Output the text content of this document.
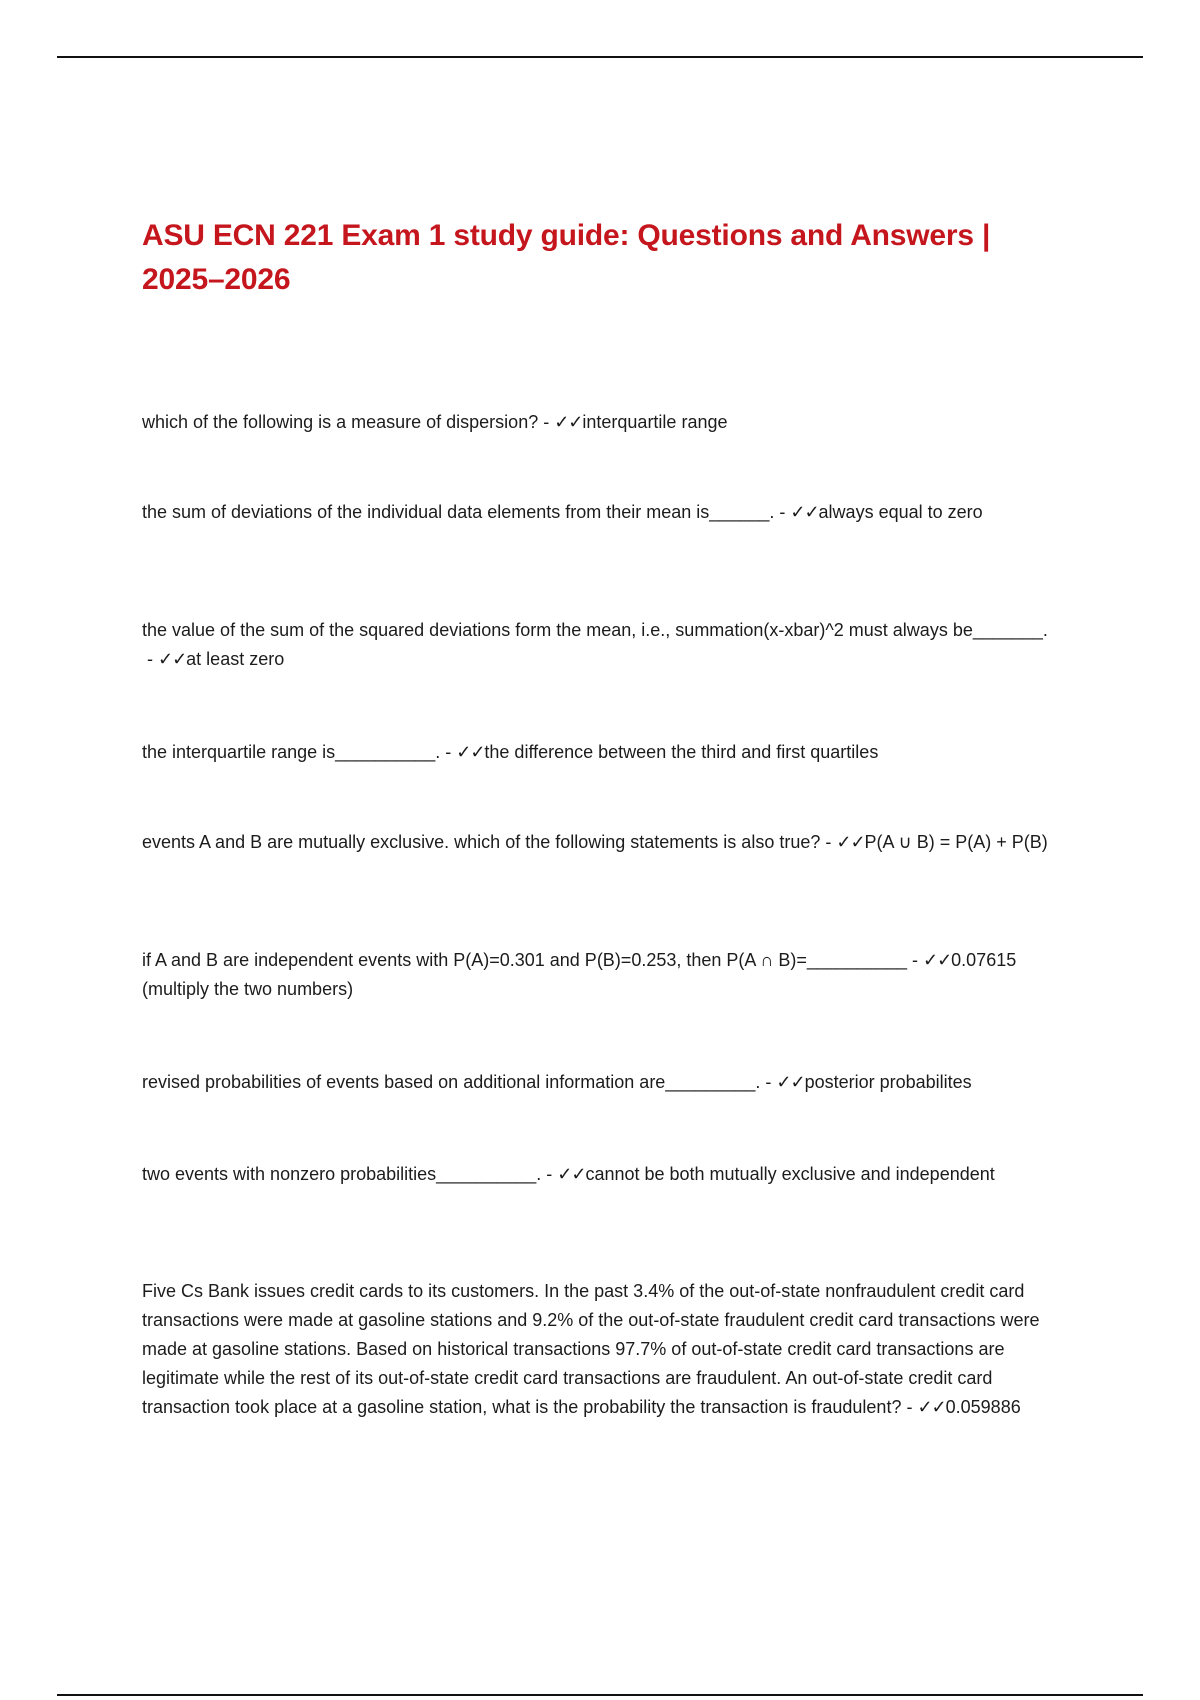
ASU ECN 221 Exam 1 study guide: Questions and Answers | 2025–2026

which of the following is a measure of dispersion? - ✓✓interquartile range

the sum of deviations of the individual data elements from their mean is______. - ✓✓always equal to zero

the value of the sum of the squared deviations form the mean, i.e., summation(x-xbar)^2 must always be_______. - ✓✓at least zero

the interquartile range is__________. - ✓✓the difference between the third and first quartiles

events A and B are mutually exclusive. which of the following statements is also true? - ✓✓P(A ∪ B) = P(A) + P(B)

if A and B are independent events with P(A)=0.301 and P(B)=0.253, then P(A ∩ B)=__________ - ✓✓0.07615 (multiply the two numbers)

revised probabilities of events based on additional information are_________. - ✓✓posterior probabilites

two events with nonzero probabilities__________. - ✓✓cannot be both mutually exclusive and independent

Five Cs Bank issues credit cards to its customers. In the past 3.4% of the out-of-state nonfraudulent credit card transactions were made at gasoline stations and 9.2% of the out-of-state fraudulent credit card transactions were made at gasoline stations. Based on historical transactions 97.7% of out-of-state credit card transactions are legitimate while the rest of its out-of-state credit card transactions are fraudulent. An out-of-state credit card transaction took place at a gasoline station, what is the probability the transaction is fraudulent? - ✓✓0.059886
